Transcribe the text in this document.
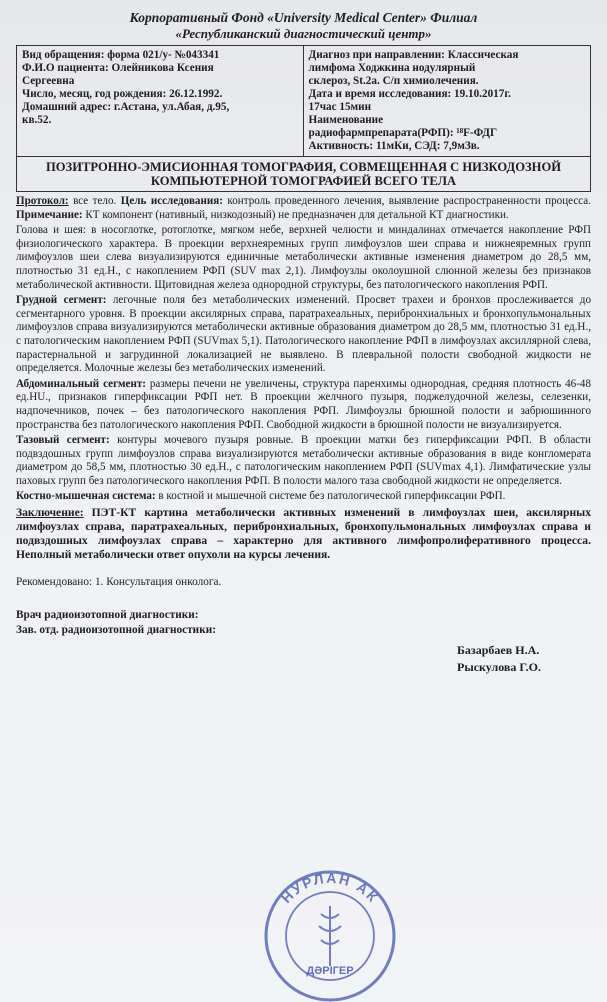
Корпоративный Фонд «University Medical Center» Филиал
«Республиканский диагностический центр»
Вид обращения: форма 021/у- №043341
Ф.И.О пациента: Олейникова Ксения
Сергеевна
Число, месяц, год рождения: 26.12.1992.
Домашний адрес: г.Астана, ул.Абая, д.95,
кв.52.
Диагноз при направлении: Классическая
лимфома Ходжкина нодулярный
склероз, St.2a. С/п химиолечения.
Дата и время исследования: 19.10.2017г.
17час 15мин
Наименование
радиофармпрепарата(РФП): ¹⁸F-ФДГ
Активность: 11мКи, СЭД: 7,9мЗв.
ПОЗИТРОННО-ЭМИСИОННАЯ ТОМОГРАФИЯ, СОВМЕЩЕННАЯ С НИЗКОДОЗНОЙ КОМПЬЮТЕРНОЙ ТОМОГРАФИЕЙ ВСЕГО ТЕЛА

Протокол: все тело. Цель исследования: контроль проведенного лечения, выявление распространенности процесса. Примечание: КТ компонент (нативный, низкодозный) не предназначен для детальной КТ диагностики.

Голова и шея: в носоглотке, ротоглотке, мягком небе, верхней челюсти и миндалинах отмечается накопление РФП физиологического характера. В проекции верхнеяремных групп лимфоузлов шеи справа и нижнеяремных групп лимфоузлов шеи слева визуализируются единичные метаболически активные изменения диаметром до 28,5 мм, плотностью 31 ед.Н., с накоплением РФП (SUV max 2,1). Лимфоузлы околоушной слюнной железы без признаков метаболической активности. Щитовидная железа однородной структуры, без патологического накопления РФП.

Грудной сегмент: легочные поля без метаболических изменений. Просвет трахеи и бронхов прослеживается до сегментарного уровня. В проекции аксилярных справа, паратрахеальных, перибронхиальных и бронхопульмональных лимфоузлов справа визуализируются метаболически активные образования диаметром до 28,5 мм, плотностью 31 ед.Н., с патологическим накоплением РФП (SUVmax 5,1). Патологического накопление РФП в лимфоузлах аксиллярной слева, парастернальной и загрудинной локализацией не выявлено. В плевральной полости свободной жидкости не определяется. Молочные железы без метаболических изменений.

Абдоминальный сегмент: размеры печени не увеличены, структура паренхимы однородная, средняя плотность 46-48 ед.HU., признаков гиперфиксации РФП нет. В проекции желчного пузыря, поджелудочной железы, селезенки, надпочечников, почек – без патологического накопления РФП. Лимфоузлы брюшной полости и забрюшинного пространства без патологического накопления РФП. Свободной жидкости в брюшной полости не визуализируется.

Тазовый сегмент: контуры мочевого пузыря ровные. В проекции матки без гиперфиксации РФП. В области подвздошных групп лимфоузлов справа визуализируются метаболически активные образования в виде конгломерата диаметром до 58,5 мм, плотностью 30 ед.Н., с патологическим накоплением РФП (SUVmax 4,1). Лимфатические узлы паховых групп без патологического накопления РФП. В полости малого таза свободной жидкости не определяется.

Костно-мышечная система: в костной и мышечной системе без патологической гиперфиксации РФП.

Заключение: ПЭТ-КТ картина метаболически активных изменений в лимфоузлах шеи, аксилярных лимфоузлах справа, паратрахеальных, перибронхиальных, бронхопульмональных лимфоузлах справа и подвздошных лимфоузлах справа – характерно для активного лимфопролиферативного процесса. Неполный метаболически ответ опухоли на курсы лечения.

Рекомендовано: 1. Консультация онколога.
Врач радиоизотопной диагностики:
Зав. отд. радиоизотопной диагностики:
Базарбаев Н.А.
Рыскулова Г.О.
НУРЛАН АК
ДӘРІГЕР
